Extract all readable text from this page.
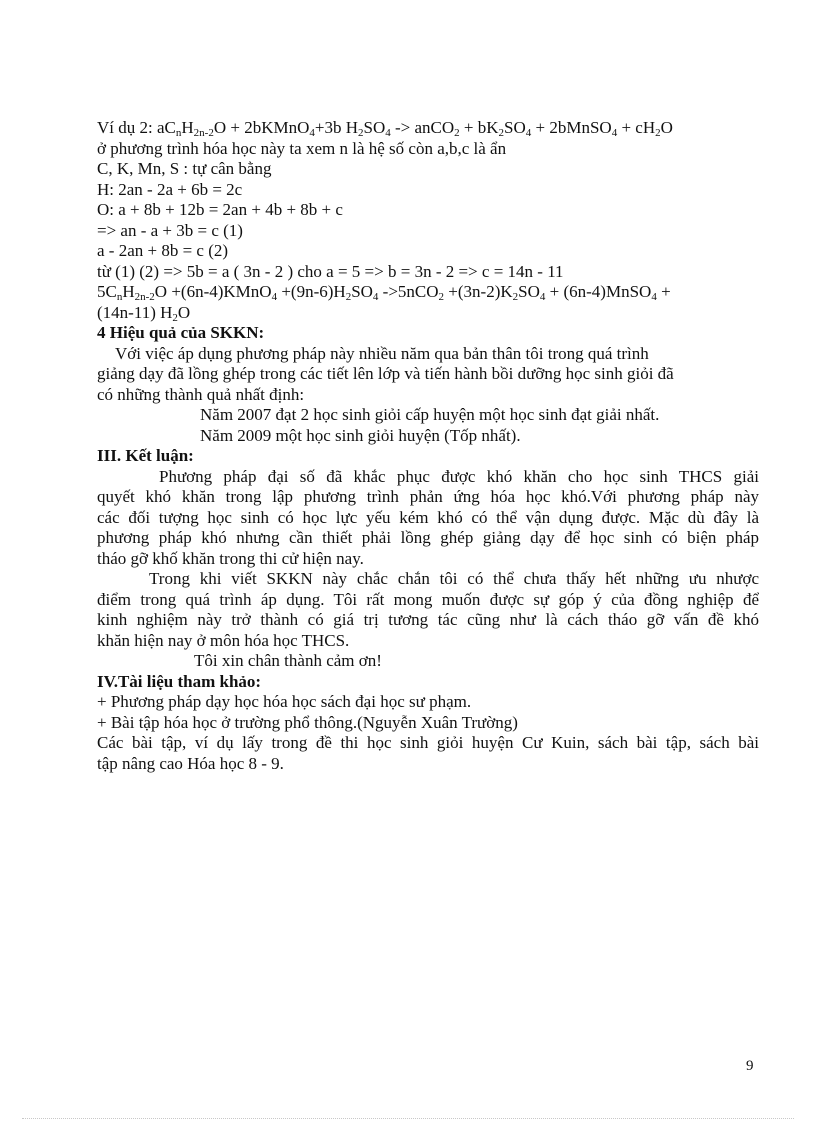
Ví dụ 2: $aC_nH_{2n-2}O$ + 2bKMnO$_4$+3b $H_2SO_4$ -> anCO$_2$ + $bK_2SO_4$ + 2bMnSO$_4$ + $cH_2O$
ở phương trình hóa học này ta xem n là hệ số còn a,b,c là ẩn
C, K, Mn, S : tự cân bằng
H: 2an - 2a + 6b = 2c
O: a + 8b + 12b = 2an + 4b + 8b + c
=> an - a + 3b = c (1)
a - 2an + 8b = c (2)
từ (1) (2) => 5b = a ( 3n - 2 ) cho a = 5 => b = 3n - 2 => c = 14n - 11
$5C_nH_{2n-2}O$ +(6n-4)KMnO$_4$ $+(9n-6)H_2SO_4$ $->5nCO_2 +(3n-2)K_2SO_4$ + (6n-4)MnSO$_4$ +
(14n-11) $H_2O$
4 Hiệu quả của SKKN:
Với việc áp dụng phương pháp này nhiều năm qua bản thân tôi trong quá trình
giảng dạy đã lồng ghép trong các tiết lên lớp và tiến hành bồi dưỡng học sinh giỏi đã
có những thành quả nhất định:
Năm 2007 đạt 2 học sinh giỏi cấp huyện một học sinh đạt giải nhất.
Năm 2009 một học sinh giỏi huyện (Tốp nhất).
III. Kết luận:
Phương pháp đại số đã khắc phục được khó khăn cho học sinh THCS giải
quyết khó khăn trong lập phương trình phản ứng hóa học khó.Với phương pháp này
các đối tượng học sinh có học lực yếu kém khó có thể vận dụng được. Mặc dù đây là
phương pháp khó nhưng cần thiết phải lồng ghép giảng dạy để học sinh có biện pháp
tháo gỡ khố khăn trong thi cử hiện nay.
Trong khi viết SKKN này chắc chắn tôi có thể chưa thấy hết những ưu nhược
điểm trong quá trình áp dụng. Tôi rất mong muốn được sự góp ý của đồng nghiệp để
kinh nghiệm này trở thành có giá trị tương tác cũng như là cách tháo gỡ vấn đề khó
khăn hiện nay ở môn hóa học THCS.
Tôi xin chân thành cảm ơn!
IV.Tài liệu tham khảo:
+ Phương pháp dạy học hóa học sách đại học sư phạm.
+ Bài tập hóa học ở trường phổ thông.(Nguyễn Xuân Trường)
Các bài tập, ví dụ lấy trong đề thi học sinh giỏi huyện Cư Kuin, sách bài tập, sách bài
tập nâng cao Hóa học 8 - 9.
9
